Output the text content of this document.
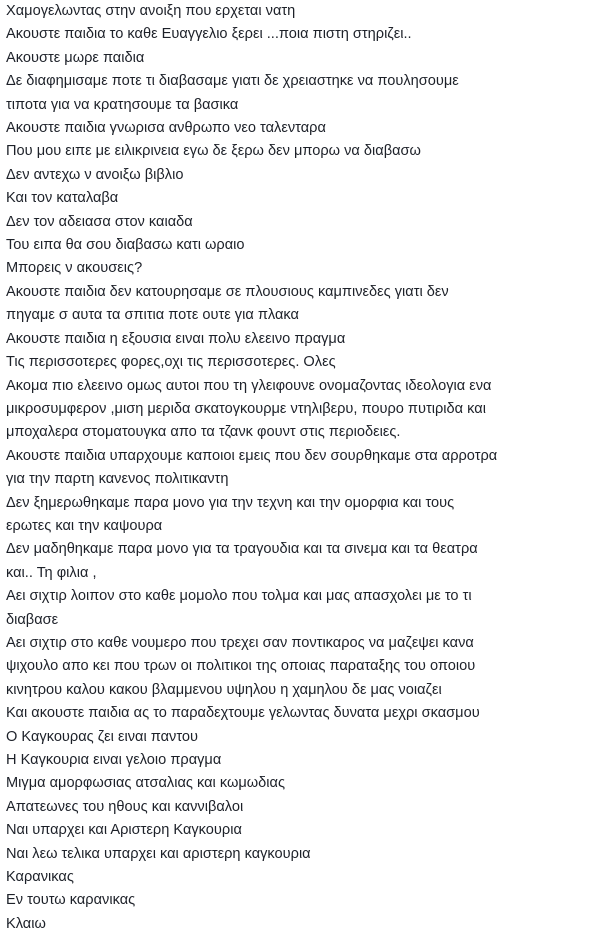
Χαμογελωντας στην ανοιξη που ερχεται νατη
Ακουστε παιδια το καθε Ευαγγελιο ξερει ...ποια πιστη στηριζει..
Ακουστε μωρε παιδια
Δε διαφημισαμε ποτε τι διαβασαμε γιατι δε χρειαστηκε να πουλησουμε
τιποτα για να κρατησουμε τα βασικα
Ακουστε παιδια γνωρισα ανθρωπο νεο ταλενταρα
Που μου ειπε με ειλικρινεια εγω δε ξερω δεν μπορω να διαβασω
Δεν αντεχω ν ανοιξω βιβλιο
Και τον καταλαβα
Δεν τον αδειασα στον καιαδα
Του ειπα θα σου διαβασω κατι ωραιο
Μπορεις ν ακουσεις?
Ακουστε παιδια δεν κατουρησαμε σε πλουσιους καμπινεδες γιατι δεν
πηγαμε σ αυτα τα σπιτια ποτε ουτε για πλακα
Ακουστε παιδια η εξουσια ειναι πολυ ελεεινο πραγμα
Τις περισσοτερες φορες,οχι τις περισσοτερες. Ολες
Ακομα πιο ελεεινο ομως αυτοι που τη γλειφουνε ονομαζοντας ιδεολογια ενα
μικροσυμφερον ,μιση μεριδα σκατογκουρμε ντηλιβερυ, πουρο πυτιριδα και
μποχαλερα στοματουγκα απο τα τζανκ φουντ στις περιοδειες.
Ακουστε παιδια υπαρχουμε καποιοι εμεις που δεν σουρθηκαμε στα αρροτρα
για την παρτη κανενος πολιτικαντη
Δεν ξημερωθηκαμε παρα μονο για την τεχνη και την ομορφια και τους
ερωτες και την καψουρα
Δεν μαδηθηκαμε παρα μονο για τα τραγουδια και τα σινεμα και τα θεατρα
και.. Τη φιλια ,
Αει σιχτιρ λοιπον στο καθε μομολο που τολμα και μας απασχολει με το τι
διαβασε
Αει σιχτιρ στο καθε νουμερο που τρεχει σαν ποντικαρος να μαζεψει κανα
ψιχουλο απο κει που τρων οι πολιτικοι της οποιας παραταξης του οποιου
κινητρου καλου κακου βλαμμενου υψηλου η χαμηλου δε μας νοιαζει
Και ακουστε παιδια ας το παραδεχτουμε γελωντας δυνατα μεχρι σκασμου
Ο Καγκουρας ζει ειναι παντου
Η Καγκουρια ειναι γελοιο πραγμα
Μιγμα αμορφωσιας ατσαλιας και κωμωδιας
Απατεωνες του ηθους και καννιβαλοι
Ναι υπαρχει και Αριστερη Καγκουρια
Ναι λεω τελικα υπαρχει και αριστερη καγκουρια
Καρανικας
Εν τουτω καρανικας
Κλαιω
